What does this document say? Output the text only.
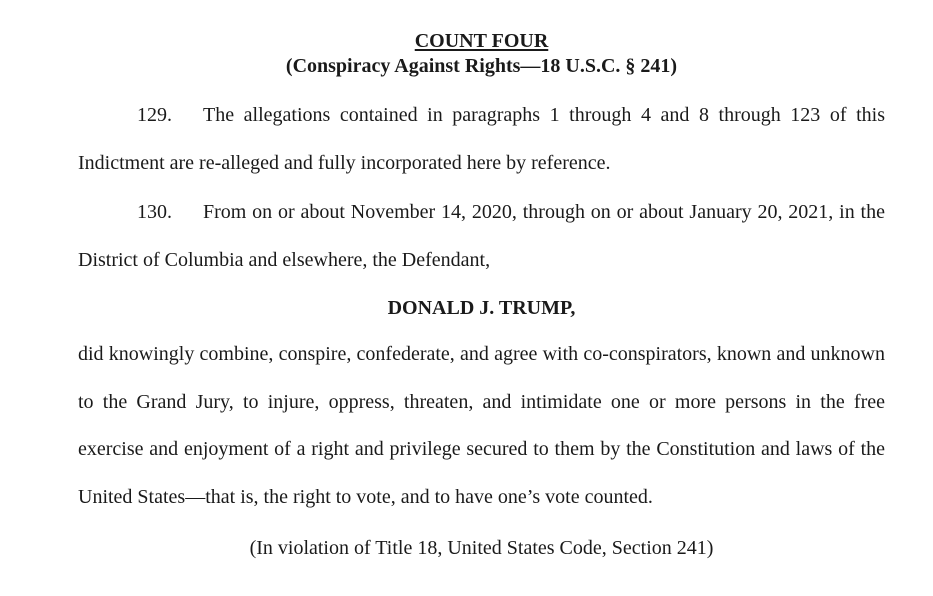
COUNT FOUR
(Conspiracy Against Rights—18 U.S.C. § 241)
129. The allegations contained in paragraphs 1 through 4 and 8 through 123 of this Indictment are re-alleged and fully incorporated here by reference.
130. From on or about November 14, 2020, through on or about January 20, 2021, in the District of Columbia and elsewhere, the Defendant,
DONALD J. TRUMP,
did knowingly combine, conspire, confederate, and agree with co-conspirators, known and unknown to the Grand Jury, to injure, oppress, threaten, and intimidate one or more persons in the free exercise and enjoyment of a right and privilege secured to them by the Constitution and laws of the United States—that is, the right to vote, and to have one’s vote counted.
(In violation of Title 18, United States Code, Section 241)
